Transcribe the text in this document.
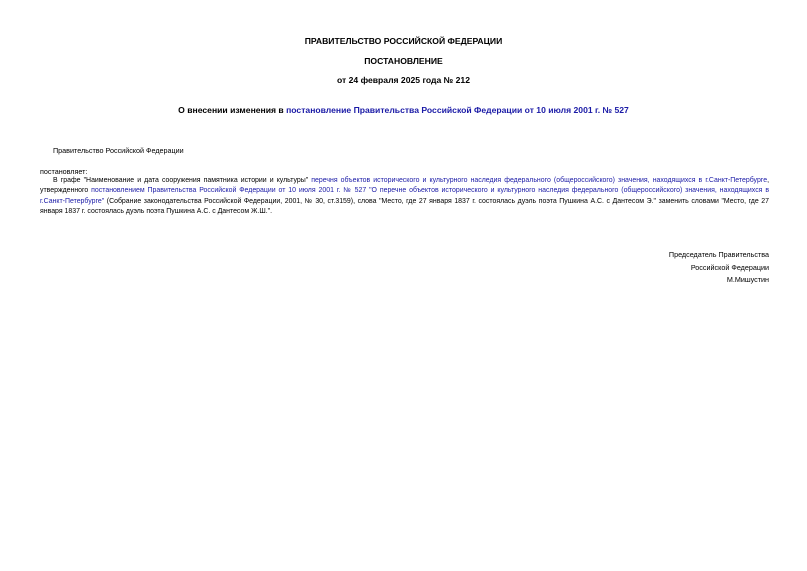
ПРАВИТЕЛЬСТВО РОССИЙСКОЙ ФЕДЕРАЦИИ
ПОСТАНОВЛЕНИЕ
от 24 февраля 2025 года № 212
О внесении изменения в постановление Правительства Российской Федерации от 10 июля 2001 г. № 527
Правительство Российской Федерации
постановляет:
В графе "Наименование и дата сооружения памятника истории и культуры" перечня объектов исторического и культурного наследия федерального (общероссийского) значения, находящихся в г.Санкт-Петербурге, утвержденного постановлением Правительства Российской Федерации от 10 июля 2001 г. № 527 "О перечне объектов исторического и культурного наследия федерального (общероссийского) значения, находящихся в г.Санкт-Петербурге" (Собрание законодательства Российской Федерации, 2001, № 30, ст.3159), слова "Место, где 27 января 1837 г. состоялась дуэль поэта Пушкина А.С. с Дантесом Э." заменить словами "Место, где 27 января 1837 г. состоялась дуэль поэта Пушкина А.С. с Дантесом Ж.Ш.".
Председатель Правительства
Российской Федерации
М.Мишустин
